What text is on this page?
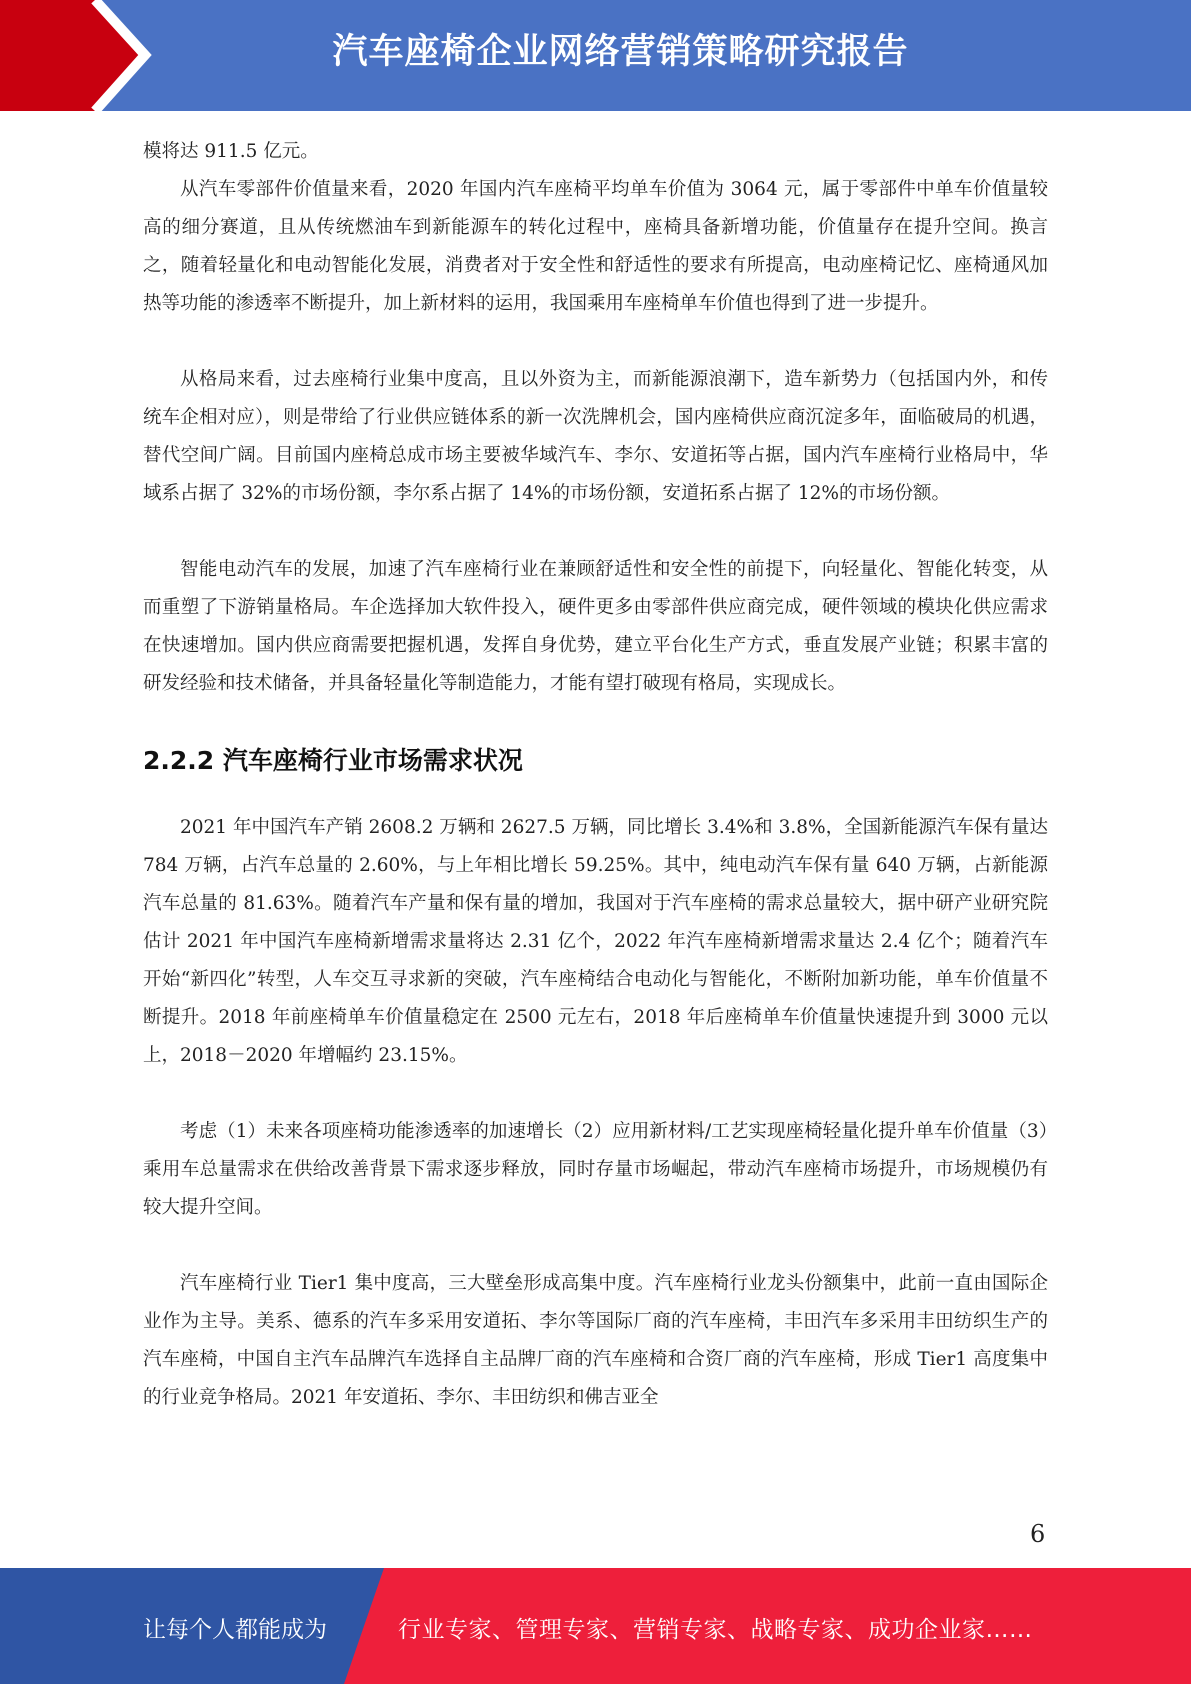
汽车座椅企业网络营销策略研究报告

模将达 911.5 亿元。

从汽车零部件价值量来看，2020 年国内汽车座椅平均单车价值为 3064 元，属于零部件中单车价值量较高的细分赛道，且从传统燃油车到新能源车的转化过程中，座椅具备新增功能，价值量存在提升空间。换言之，随着轻量化和电动智能化发展，消费者对于安全性和舒适性的要求有所提高，电动座椅记忆、座椅通风加热等功能的渗透率不断提升，加上新材料的运用，我国乘用车座椅单车价值也得到了进一步提升。

从格局来看，过去座椅行业集中度高，且以外资为主，而新能源浪潮下，造车新势力（包括国内外，和传统车企相对应），则是带给了行业供应链体系的新一次洗牌机会，国内座椅供应商沉淀多年，面临破局的机遇，替代空间广阔。目前国内座椅总成市场主要被华域汽车、李尔、安道拓等占据，国内汽车座椅行业格局中，华域系占据了 32%的市场份额，李尔系占据了 14%的市场份额，安道拓系占据了 12%的市场份额。

智能电动汽车的发展，加速了汽车座椅行业在兼顾舒适性和安全性的前提下，向轻量化、智能化转变，从而重塑了下游销量格局。车企选择加大软件投入，硬件更多由零部件供应商完成，硬件领域的模块化供应需求在快速增加。国内供应商需要把握机遇，发挥自身优势，建立平台化生产方式，垂直发展产业链；积累丰富的研发经验和技术储备，并具备轻量化等制造能力，才能有望打破现有格局，实现成长。

2.2.2 汽车座椅行业市场需求状况

2021 年中国汽车产销 2608.2 万辆和 2627.5 万辆，同比增长 3.4%和 3.8%，全国新能源汽车保有量达 784 万辆，占汽车总量的 2.60%，与上年相比增长 59.25%。其中，纯电动汽车保有量 640 万辆，占新能源汽车总量的 81.63%。随着汽车产量和保有量的增加，我国对于汽车座椅的需求总量较大，据中研产业研究院估计 2021 年中国汽车座椅新增需求量将达 2.31 亿个，2022 年汽车座椅新增需求量达 2.4 亿个；随着汽车开始“新四化”转型，人车交互寻求新的突破，汽车座椅结合电动化与智能化，不断附加新功能，单车价值量不断提升。2018 年前座椅单车价值量稳定在 2500 元左右，2018 年后座椅单车价值量快速提升到 3000 元以上，2018－2020 年增幅约 23.15%。

考虑（1）未来各项座椅功能渗透率的加速增长（2）应用新材料/工艺实现座椅轻量化提升单车价值量（3）乘用车总量需求在供给改善背景下需求逐步释放，同时存量市场崛起，带动汽车座椅市场提升，市场规模仍有较大提升空间。

汽车座椅行业 Tier1 集中度高，三大壁垒形成高集中度。汽车座椅行业龙头份额集中，此前一直由国际企业作为主导。美系、德系的汽车多采用安道拓、李尔等国际厂商的汽车座椅，丰田汽车多采用丰田纺织生产的汽车座椅，中国自主汽车品牌汽车选择自主品牌厂商的汽车座椅和合资厂商的汽车座椅，形成 Tier1 高度集中的行业竞争格局。2021 年安道拓、李尔、丰田纺织和佛吉亚全

6
让每个人都能成为	行业专家、管理专家、营销专家、战略专家、成功企业家……
